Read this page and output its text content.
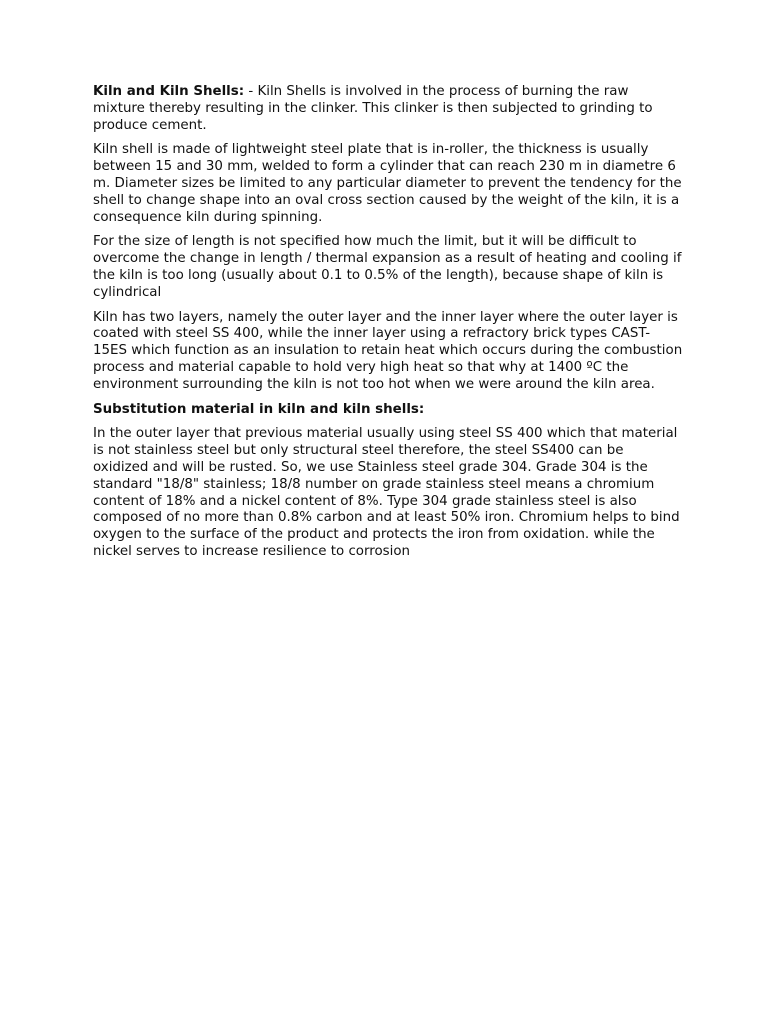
Kiln and Kiln Shells: - Kiln Shells is involved in the process of burning the raw mixture thereby resulting in the clinker. This clinker is then subjected to grinding to produce cement.

Kiln shell is made of lightweight steel plate that is in-roller, the thickness is usually between 15 and 30 mm, welded to form a cylinder that can reach 230 m in diametre 6 m. Diameter sizes be limited to any particular diameter to prevent the tendency for the shell to change shape into an oval cross section caused by the weight of the kiln, it is a consequence kiln during spinning.

For the size of length is not specified how much the limit, but it will be difficult to overcome the change in length / thermal expansion as a result of heating and cooling if the kiln is too long (usually about 0.1 to 0.5% of the length), because shape of kiln is cylindrical

Kiln has two layers, namely the outer layer and the inner layer where the outer layer is coated with steel SS 400, while the inner layer using a refractory brick types CAST-15ES which function as an insulation to retain heat which occurs during the combustion process and material capable to hold very high heat so that why at 1400 ºC the environment surrounding the kiln is not too hot when we were around the kiln area.

Substitution material in kiln and kiln shells:

In the outer layer that previous material usually using steel SS 400 which that material is not stainless steel but only structural steel therefore, the steel SS400 can be oxidized and will be rusted. So, we use Stainless steel grade 304. Grade 304 is the standard "18/8" stainless; 18/8 number on grade stainless steel means a chromium content of 18% and a nickel content of 8%. Type 304 grade stainless steel is also composed of no more than 0.8% carbon and at least 50% iron. Chromium helps to bind oxygen to the surface of the product and protects the iron from oxidation. while the nickel serves to increase resilience to corrosion
